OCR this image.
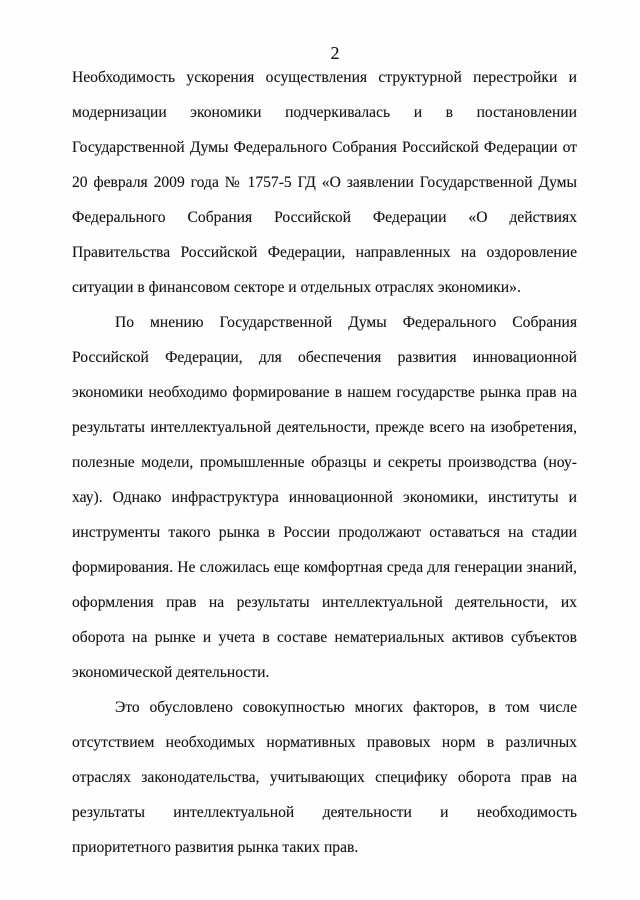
2
Необходимость ускорения осуществления структурной перестройки и
модернизации экономики подчеркивалась и в постановлении
Государственной Думы Федерального Собрания Российской Федерации от
20 февраля 2009 года № 1757-5 ГД «О заявлении Государственной Думы
Федерального Собрания Российской Федерации «О действиях
Правительства Российской Федерации, направленных на оздоровление
ситуации в финансовом секторе и отдельных отраслях экономики».
По мнению Государственной Думы Федерального Собрания
Российской Федерации, для обеспечения развития инновационной
экономики необходимо формирование в нашем государстве рынка прав на
результаты интеллектуальной деятельности, прежде всего на изобретения,
полезные модели, промышленные образцы и секреты производства (ноу-
хау). Однако инфраструктура инновационной экономики, институты и
инструменты такого рынка в России продолжают оставаться на стадии
формирования. Не сложилась еще комфортная среда для генерации знаний,
оформления прав на результаты интеллектуальной деятельности, их
оборота на рынке и учета в составе нематериальных активов субъектов
экономической деятельности.
Это обусловлено совокупностью многих факторов, в том числе
отсутствием необходимых нормативных правовых норм в различных
отраслях законодательства, учитывающих специфику оборота прав на
результаты интеллектуальной деятельности и необходимость
приоритетного развития рынка таких прав.
